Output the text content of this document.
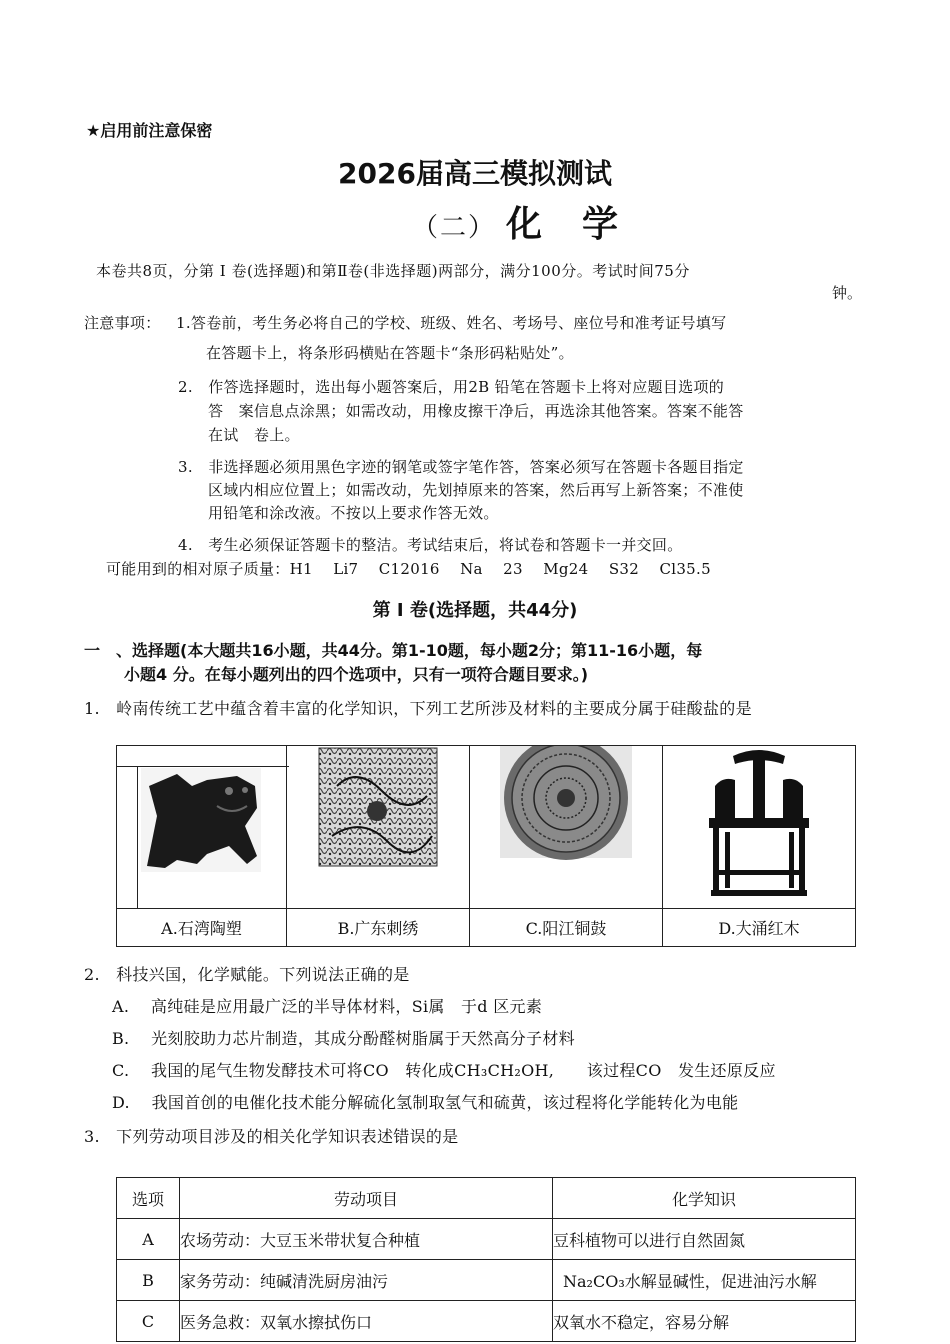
★启用前注意保密
2026届高三模拟测试
（二） 化　学
本卷共8页，分第 Ⅰ 卷(选择题)和第Ⅱ卷(非选择题)两部分，满分100分。考试时间75分
钟。
注意事项： 1.答卷前，考生务必将自己的学校、班级、姓名、考场号、座位号和准考证号填写
在答题卡上，将条形码横贴在答题卡“条形码粘贴处”。
2.　作答选择题时，选出每小题答案后，用2B 铅笔在答题卡上将对应题目选项的
答　案信息点涂黑；如需改动，用橡皮擦干净后，再选涂其他答案。答案不能答
在试　卷上。
3.　非选择题必须用黑色字迹的钢笔或签字笔作答，答案必须写在答题卡各题目指定
区域内相应位置上；如需改动，先划掉原来的答案，然后再写上新答案；不准使
用铅笔和涂改液。不按以上要求作答无效。
4.　考生必须保证答题卡的整洁。考试结束后，将试卷和答题卡一并交回。
可能用到的相对原子质量：H1　 Li7　 C12016　 Na　 23　 Mg24　 S32　 Cl35.5
第 Ⅰ 卷(选择题，共44分)
一　、选择题(本大题共16小题，共44分。第1-10题，每小题2分；第11-16小题，每
小题4 分。在每小题列出的四个选项中，只有一项符合题目要求。)
1.　岭南传统工艺中蕴含着丰富的化学知识，下列工艺所涉及材料的主要成分属于硅酸盐的是

A.石湾陶塑	B.广东刺绣	C.阳江铜鼓	D.大涌红木
2.　科技兴国，化学赋能。下列说法正确的是
A.　 高纯硅是应用最广泛的半导体材料，Si属　于d 区元素
B.　 光刻胶助力芯片制造，其成分酚醛树脂属于天然高分子材料
C.　 我国的尾气生物发酵技术可将CO　转化成CH₃CH₂OH,　　该过程CO　发生还原反应
D.　 我国首创的电催化技术能分解硫化氢制取氢气和硫黄，该过程将化学能转化为电能
3.　下列劳动项目涉及的相关化学知识表述错误的是
选项	劳动项目	化学知识
A	农场劳动：大豆玉米带状复合种植	豆科植物可以进行自然固氮
B	家务劳动：纯碱清洗厨房油污	Na₂CO₃水解显碱性，促进油污水解
C	医务急救：双氧水擦拭伤口	双氧水不稳定，容易分解
